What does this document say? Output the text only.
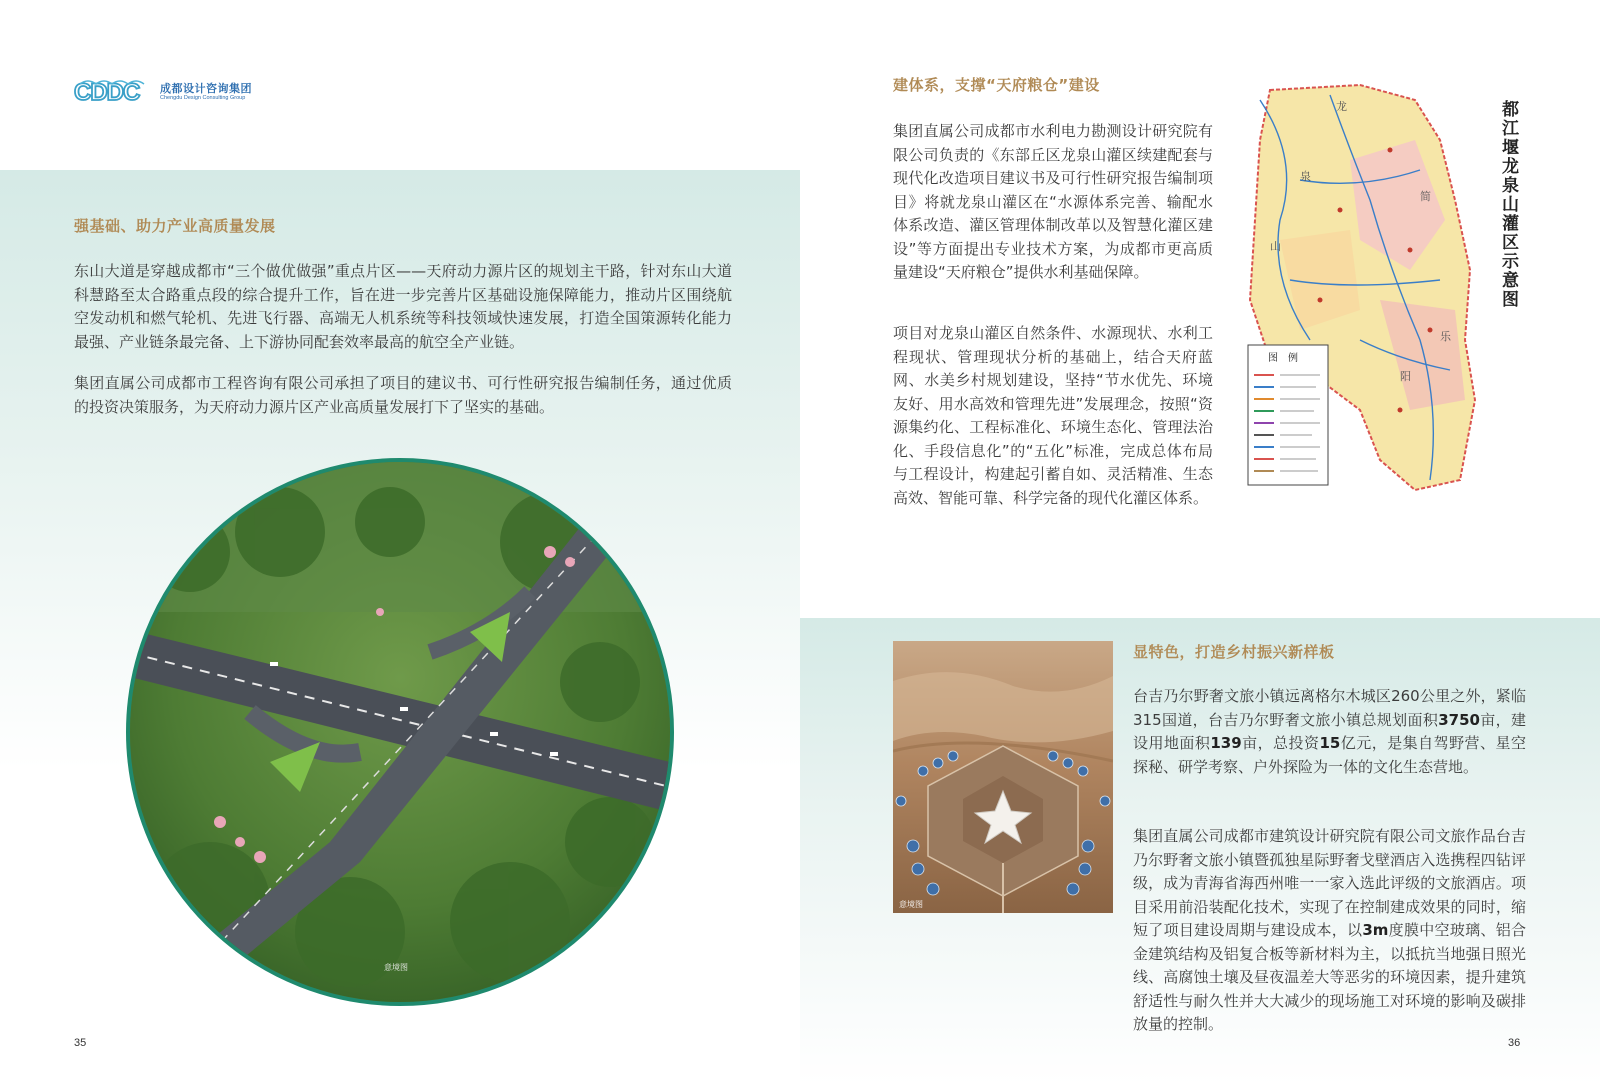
CDDC 成都设计咨询集团
Chengdu Design Consulting Group
强基础、助力产业高质量发展

东山大道是穿越成都市“三个做优做强”重点片区——天府动力源片区的规划主干路，针对东山大道科慧路至太合路重点段的综合提升工作，旨在进一步完善片区基础设施保障能力，推动片区围绕航空发动机和燃气轮机、先进飞行器、高端无人机系统等科技领域快速发展，打造全国策源转化能力最强、产业链条最完备、上下游协同配套效率最高的航空全产业链。

集团直属公司成都市工程咨询有限公司承担了项目的建议书、可行性研究报告编制任务，通过优质的投资决策服务，为天府动力源片区产业高质量发展打下了坚实的基础。

意境图
35
建体系，支撑“天府粮仓”建设

集团直属公司成都市水利电力勘测设计研究院有限公司负责的《东部丘区龙泉山灌区续建配套与现代化改造项目建议书及可行性研究报告编制项目》将就龙泉山灌区在“水源体系完善、输配水体系改造、灌区管理体制改革以及智慧化灌区建设”等方面提出专业技术方案，为成都市更高质量建设“天府粮仓”提供水利基础保障。

项目对龙泉山灌区自然条件、水源现状、水利工程现状、管理现状分析的基础上，结合天府蓝网、水美乡村规划建设，坚持“节水优先、环境友好、用水高效和管理先进”发展理念，按照“资源集约化、工程标准化、环境生态化、管理法治化、手段信息化”的“五化”标准，完成总体布局与工程设计，构建起引蓄自如、灵活精准、生态高效、智能可靠、科学完备的现代化灌区体系。

龙
泉
山
简
阳
乐
图　例
都江堰龙泉山灌区示意图
显特色，打造乡村振兴新样板
意境图

台吉乃尔野奢文旅小镇远离格尔木城区260公里之外，紧临315国道，台吉乃尔野奢文旅小镇总规划面积3750亩，建设用地面积139亩，总投资15亿元，是集自驾野营、星空探秘、研学考察、户外探险为一体的文化生态营地。

集团直属公司成都市建筑设计研究院有限公司文旅作品台吉乃尔野奢文旅小镇暨孤独星际野奢戈壁酒店入选携程四钻评级，成为青海省海西州唯一一家入选此评级的文旅酒店。项目采用前沿装配化技术，实现了在控制建成效果的同时，缩短了项目建设周期与建设成本，以3m度膜中空玻璃、铝合金建筑结构及铝复合板等新材料为主，以抵抗当地强日照光线、高腐蚀土壤及昼夜温差大等恶劣的环境因素，提升建筑舒适性与耐久性并大大减少的现场施工对环境的影响及碳排放量的控制。

36
